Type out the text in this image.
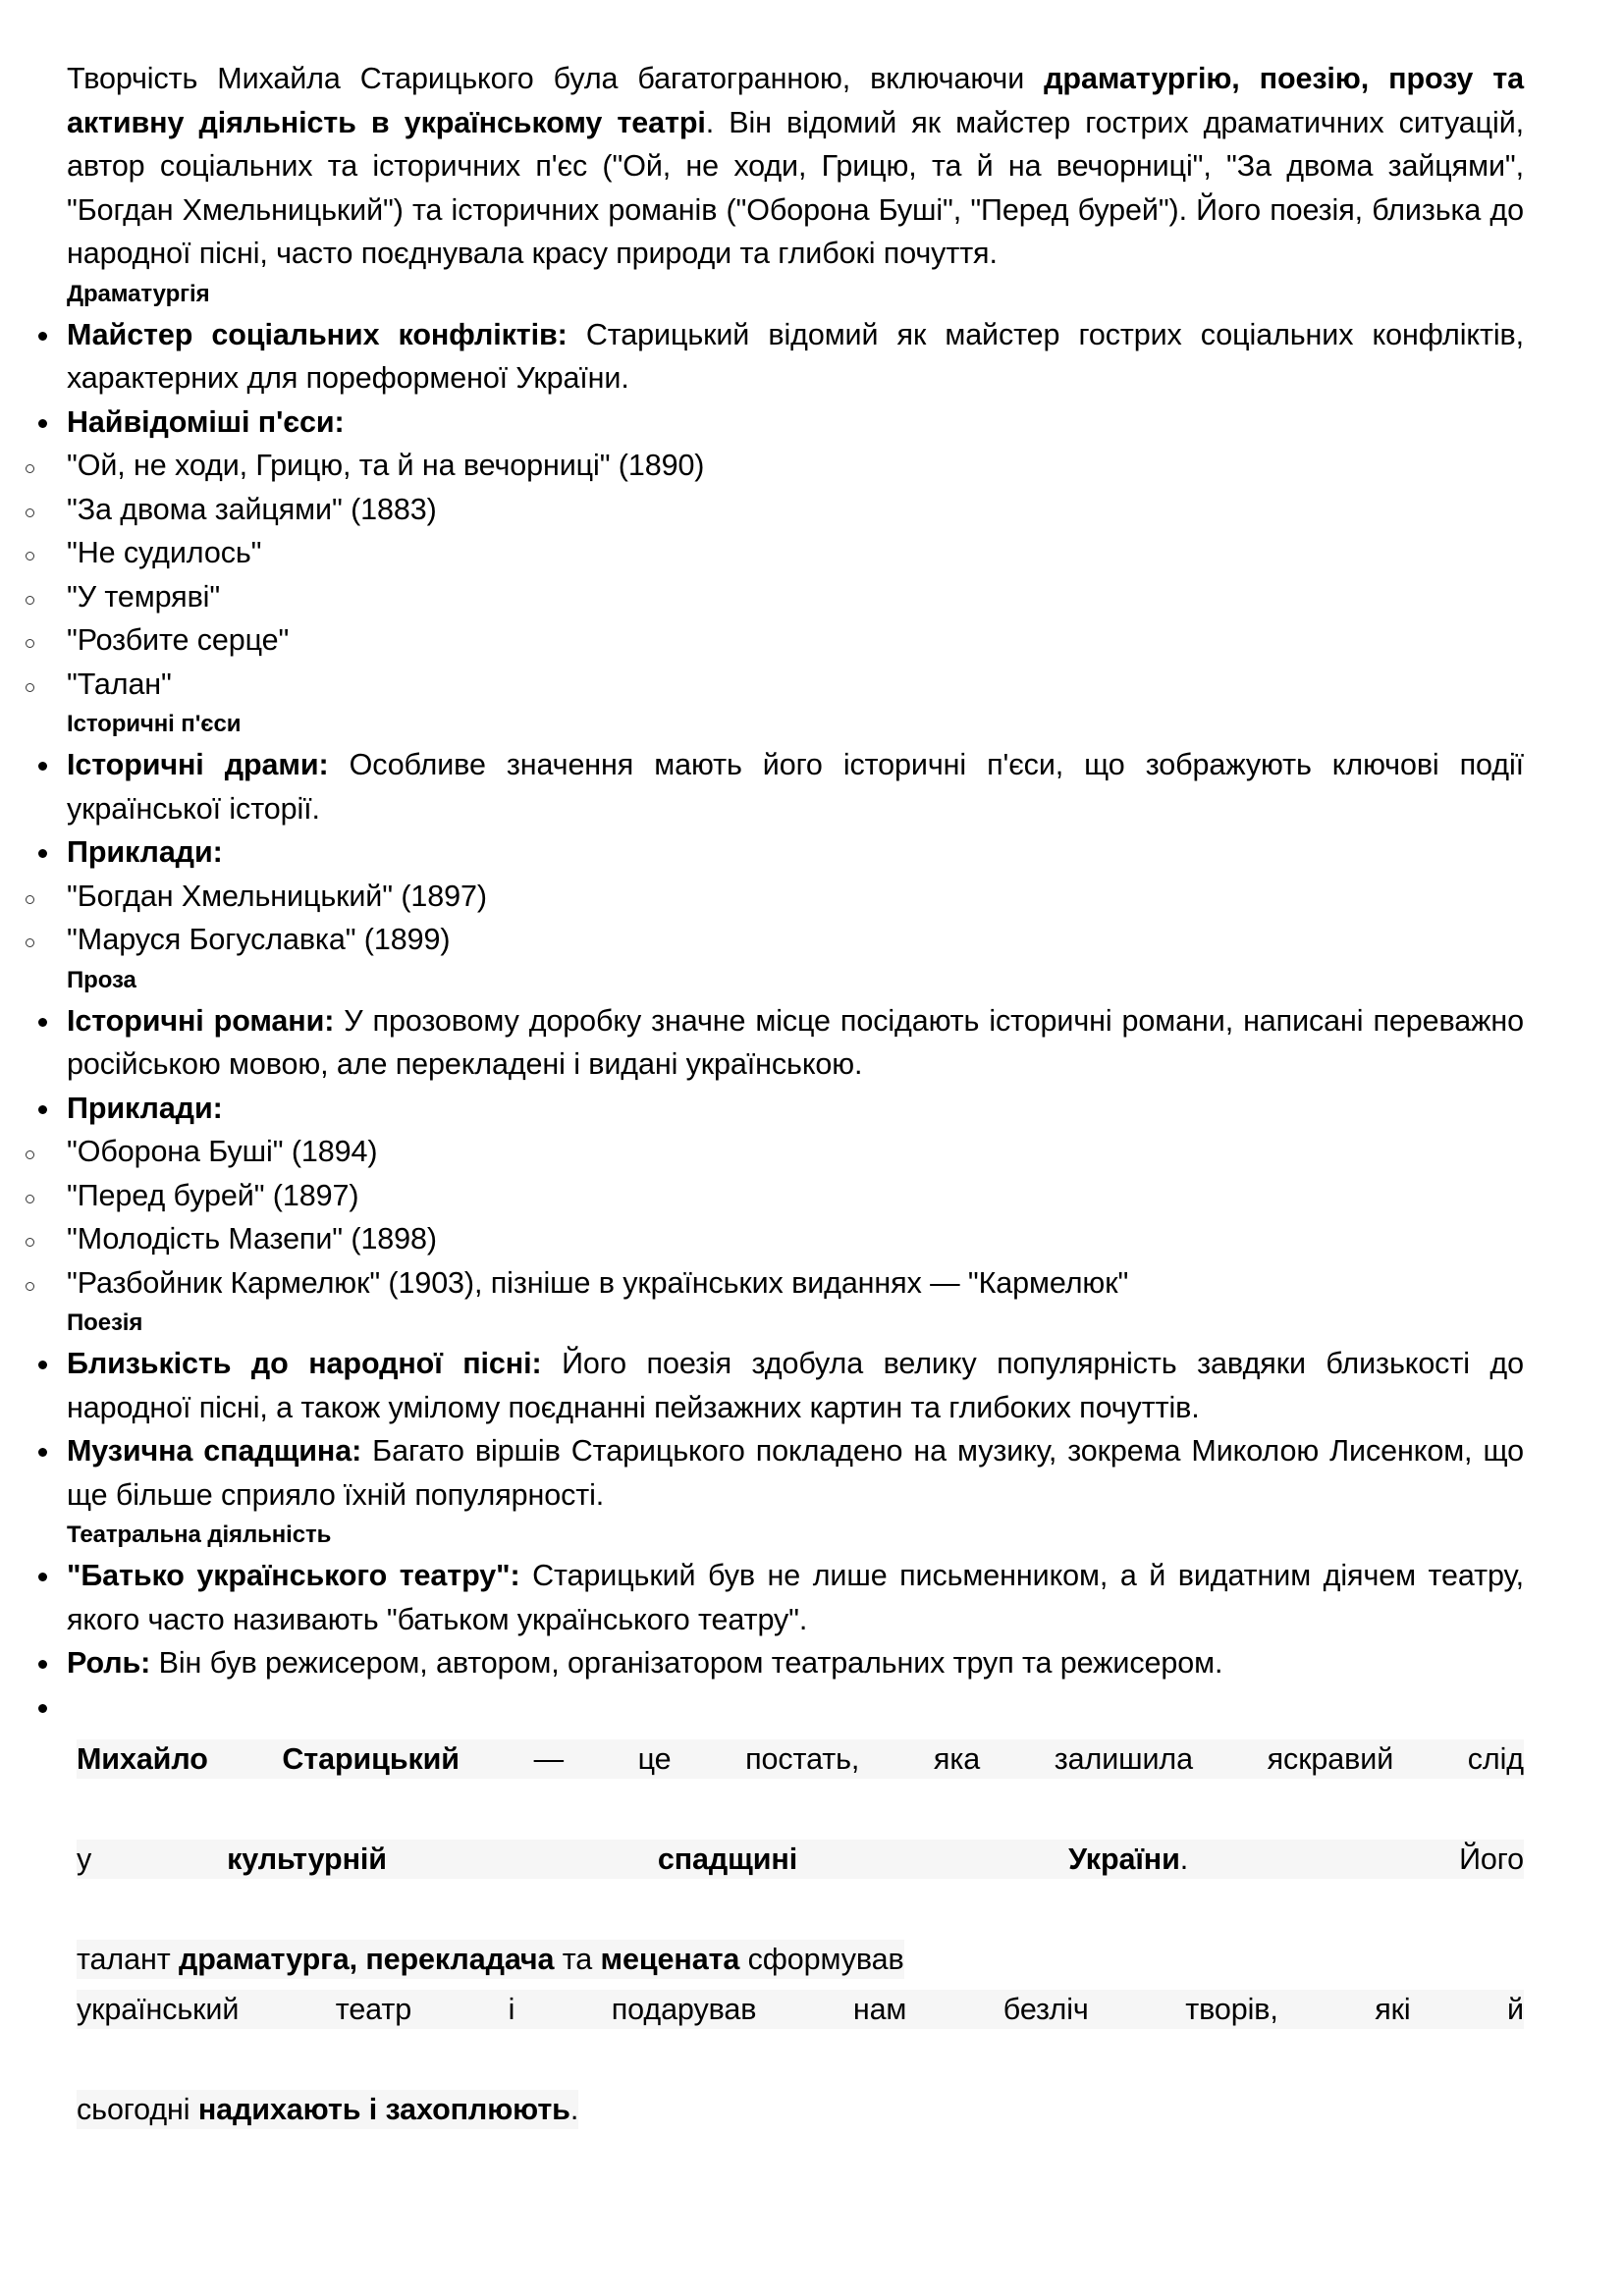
Творчість Михайла Старицького була багатогранною, включаючи драматургію, поезію, прозу та активну діяльність в українському театрі. Він відомий як майстер гострих драматичних ситуацій, автор соціальних та історичних п'єс ("Ой, не ходи, Грицю, та й на вечорниці", "За двома зайцями", "Богдан Хмельницький") та історичних романів ("Оборона Буші", "Перед бурей"). Його поезія, близька до народної пісні, часто поєднувала красу природи та глибокі почуття.

Драматургія
Майстер соціальних конфліктів: Старицький відомий як майстер гострих соціальних конфліктів, характерних для пореформеної України.
Найвідоміші п'єси:
"Ой, не ходи, Грицю, та й на вечорниці" (1890)
"За двома зайцями" (1883)
"Не судилось"
"У темряві"
"Розбите серце"
"Талан"
Історичні п'єси
Історичні драми: Особливе значення мають його історичні п'єси, що зображують ключові події української історії.
Приклади:
"Богдан Хмельницький" (1897)
"Маруся Богуславка" (1899)
Проза
Історичні романи: У прозовому доробку значне місце посідають історичні романи, написані переважно російською мовою, але перекладені і видані українською.
Приклади:
"Оборона Буші" (1894)
"Перед бурей" (1897)
"Молодість Мазепи" (1898)
"Разбойник Кармелюк" (1903), пізніше в українських виданнях — "Кармелюк"
Поезія
Близькість до народної пісні: Його поезія здобула велику популярність завдяки близькості до народної пісні, а також умілому поєднанні пейзажних картин та глибоких почуттів.
Музична спадщина: Багато віршів Старицького покладено на музику, зокрема Миколою Лисенком, що ще більше сприяло їхній популярності.
Театральна діяльність
"Батько українського театру": Старицький був не лише письменником, а й видатним діячем театру, якого часто називають "батьком українського театру".
Роль: Він був режисером, автором, організатором театральних труп та режисером.
Михайло Старицький — це постать, яка залишила яскравий слід
у культурній	спадщині	України.	Його
талант драматурга, перекладача та мецената сформував
український театр і подарував нам безліч творів, які й
сьогодні надихають і захоплюють.
